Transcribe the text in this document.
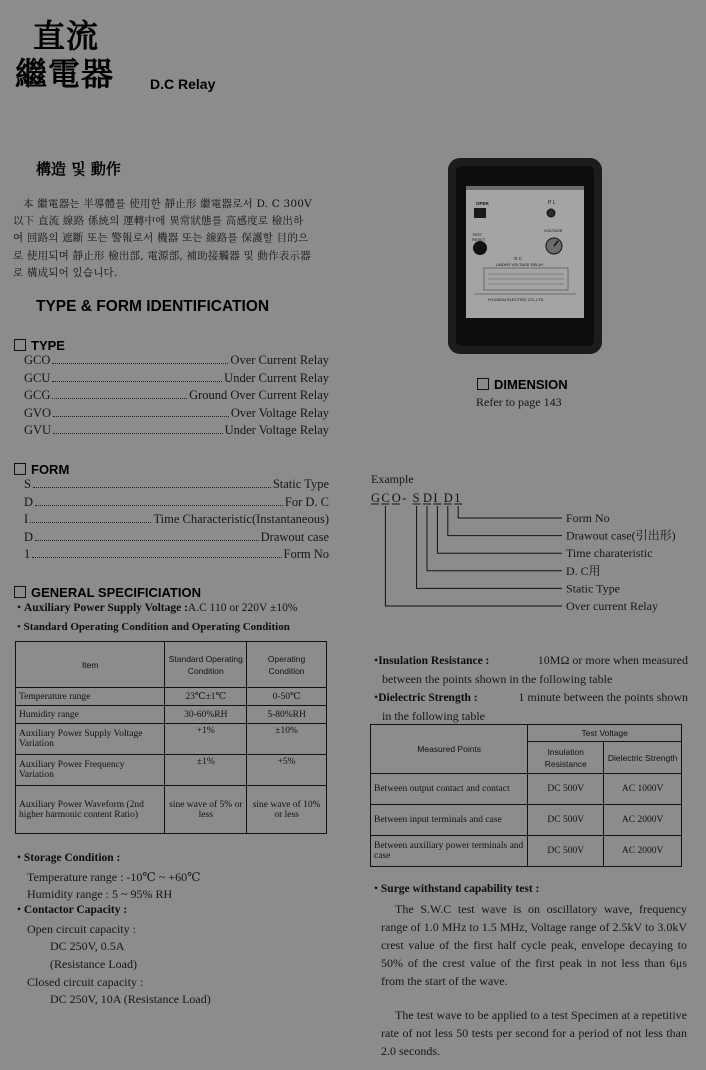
直流
繼電器	D.C Relay
構造 및 動作
本 繼電器는 半導體를 使用한 靜止形 繼電器로서 D. C 300V
以下 直流 線路 係統의 運轉中에 異常狀態를 高感度로 檢出하
여 回路의 遮斷 또는 警報로서 機器 또는 線路를 保護할 目的으
로 使用되며 靜止形 檢出部, 電源部, 補助接觸器 및 動作表示器
로 構成되어 있습니다.
TYPE & FORM IDENTIFICATION
TYPE
GCO	Over Current Relay
GCU	Under Current Relay
GCG	Ground Over Current Relay
GVO	Over Voltage Relay
GVU	Under Voltage Relay
FORM
S	Static Type
D	For D. C
I	Time Characteristic(Instantaneous)
D	Drawout case
1	Form No
OPER	P L
TEST RESET
VOLTAGE
G C
UNDER VOLTAGE RELAY
HYUNDAI ELECTRIC CO.,LTD
DIMENSION
Refer to page 143
Example
G C O - S D I D 1
Form No
Drawout case(引出形)
Time charateristic
D. C用
Static Type
Over current Relay
GENERAL SPECIFICIATION
• Auxiliary Power Supply Voltage :A.C 110 or 220V ±10%
• Standard Operating Condition and Operating Condition
Item	Standard Operating Condition	Operating Condition
Temperature range	23℃±1℃	0-50℃
Humidity range	30-60%RH	5-80%RH
Auxiliary Power Supply Voltage Variation	+1%	±10%
Auxiliary Power Frequency Variation	±1%	+5%
Auxiliary Power Waveform (2nd higher harmonic content Ratio)	sine wave of 5% or less	sine wave of 10% or less
• Storage Condition :
Temperature range : -10℃ ~ +60℃
Humidity range : 5 ~ 95% RH
• Contactor Capacity :
Open circuit capacity :
DC 250V, 0.5A
(Resistance Load)
Closed circuit capacity :
DC 250V, 10A (Resistance Load)
•Insulation Resistance :	10MΩ or more when measured
between the points shown in the following table
•Dielectric Strength :	1 minute between the points shown
in the following table
Measured Points	Test Voltage	
	Insulation Resistance	Dielectric Strength
Between output contact and contact	DC 500V	AC 1000V
Between input terminals and case	DC 500V	AC 2000V
Between auxiliary power terminals and case	DC 500V	AC 2000V
• Surge withstand capability test :
The S.W.C test wave is on oscillatory wave, frequency range of 1.0 MHz to 1.5 MHz, Voltage range of 2.5kV to 3.0kV crest value of the first half cycle peak, envelope decaying to 50% of the crest value of the first peak in not less than 6μs from the start of the wave.
The test wave to be applied to a test Specimen at a repetitive rate of not less 50 tests per second for a period of not less than 2.0 seconds.
